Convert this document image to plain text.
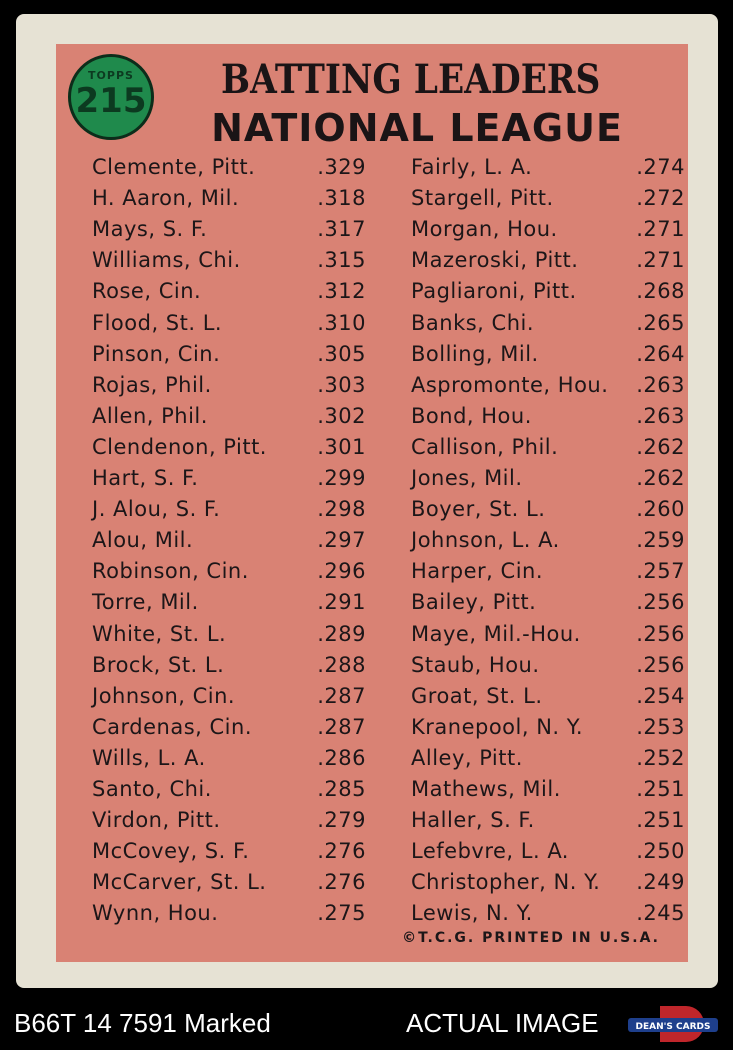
TOPPS
215	BATTING LEADERS
NATIONAL LEAGUE
Clemente, Pitt.	.329
H. Aaron, Mil.	.318
Mays, S. F.	.317
Williams, Chi.	.315
Rose, Cin.	.312
Flood, St. L.	.310
Pinson, Cin.	.305
Rojas, Phil.	.303
Allen, Phil.	.302
Clendenon, Pitt. .301
Hart, S. F.	.299
J. Alou, S. F.	.298
Alou, Mil.	.297
Robinson, Cin.	.296
Torre, Mil.	.291
White, St. L.	.289
Brock, St. L.	.288
Johnson, Cin.	.287
Cardenas, Cin.	.287
Wills, L. A.	.286
Santo, Chi.	.285
Virdon, Pitt.	.279
McCovey, S. F.	.276
McCarver, St. L. .276
Wynn, Hou.	.275
Fairly, L. A.	.274
Stargell, Pitt.	.272
Morgan, Hou.	.271
Mazeroski, Pitt.	.271
Pagliaroni, Pitt.	.268
Banks, Chi.	.265
Bolling, Mil.	.264
Aspromonte, Hou. .263
Bond, Hou.	.263
Callison, Phil.	.262
Jones, Mil.	.262
Boyer, St. L.	.260
Johnson, L. A.	.259
Harper, Cin.	.257
Bailey, Pitt.	.256
Maye, Mil.-Hou.	.256
Staub, Hou.	.256
Groat, St. L.	.254
Kranepool, N. Y.	.253
Alley, Pitt.	.252
Mathews, Mil.	.251
Haller, S. F.	.251
Lefebvre, L. A.	.250
Christopher, N. Y. .249
Lewis, N. Y.	.245
©T.C.G. PRINTED IN U.S.A.
B66T 14 7591 Marked	ACTUAL IMAGE	DEAN'S CARDS
